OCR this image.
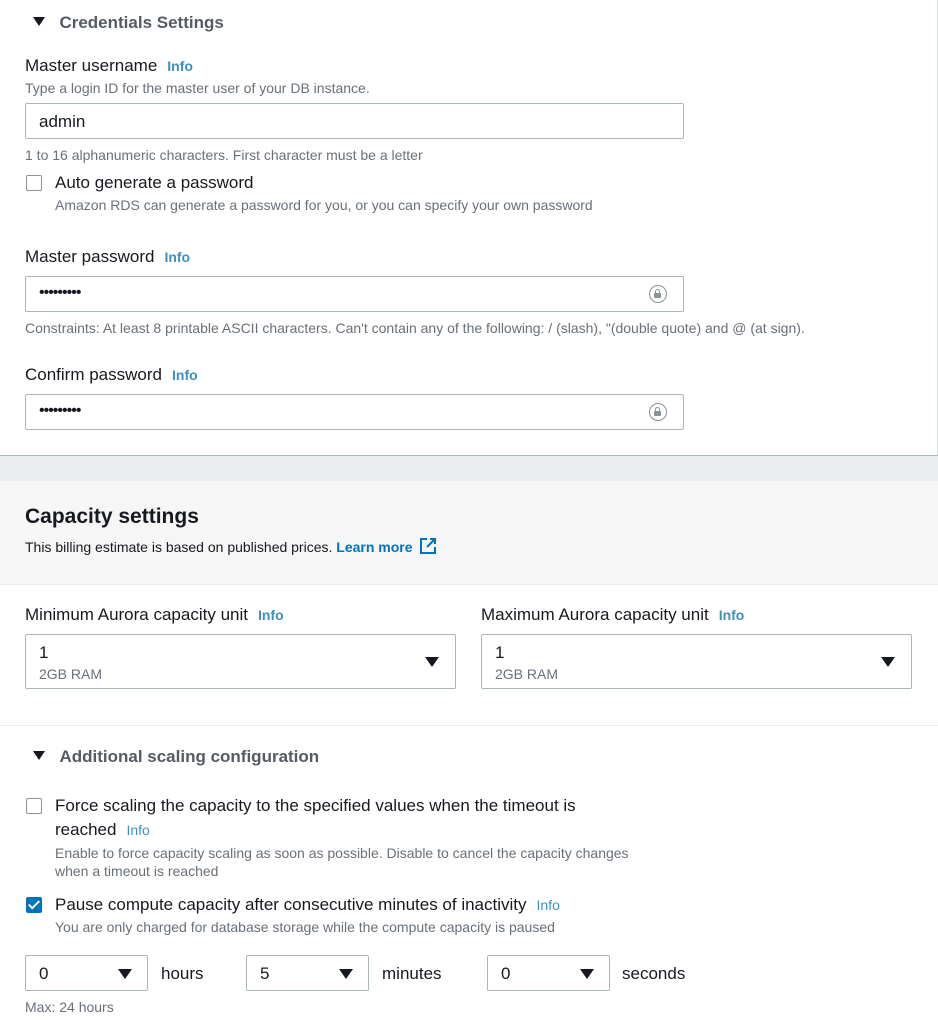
Credentials Settings
Master username Info
Type a login ID for the master user of your DB instance.
admin
1 to 16 alphanumeric characters. First character must be a letter
Auto generate a password
Amazon RDS can generate a password for you, or you can specify your own password
Master password Info
•••••••••
Constraints: At least 8 printable ASCII characters. Can't contain any of the following: / (slash), "(double quote) and @ (at sign).
Confirm password Info
•••••••••
Capacity settings
This billing estimate is based on published prices. Learn more
Minimum Aurora capacity unit Info
1
2GB RAM
Maximum Aurora capacity unit Info
1
2GB RAM
Additional scaling configuration
Force scaling the capacity to the specified values when the timeout is
reached Info
Enable to force capacity scaling as soon as possible. Disable to cancel the capacity changes
when a timeout is reached
Pause compute capacity after consecutive minutes of inactivity Info
You are only charged for database storage while the compute capacity is paused
0	hours	5	minutes	0	seconds
Max: 24 hours
